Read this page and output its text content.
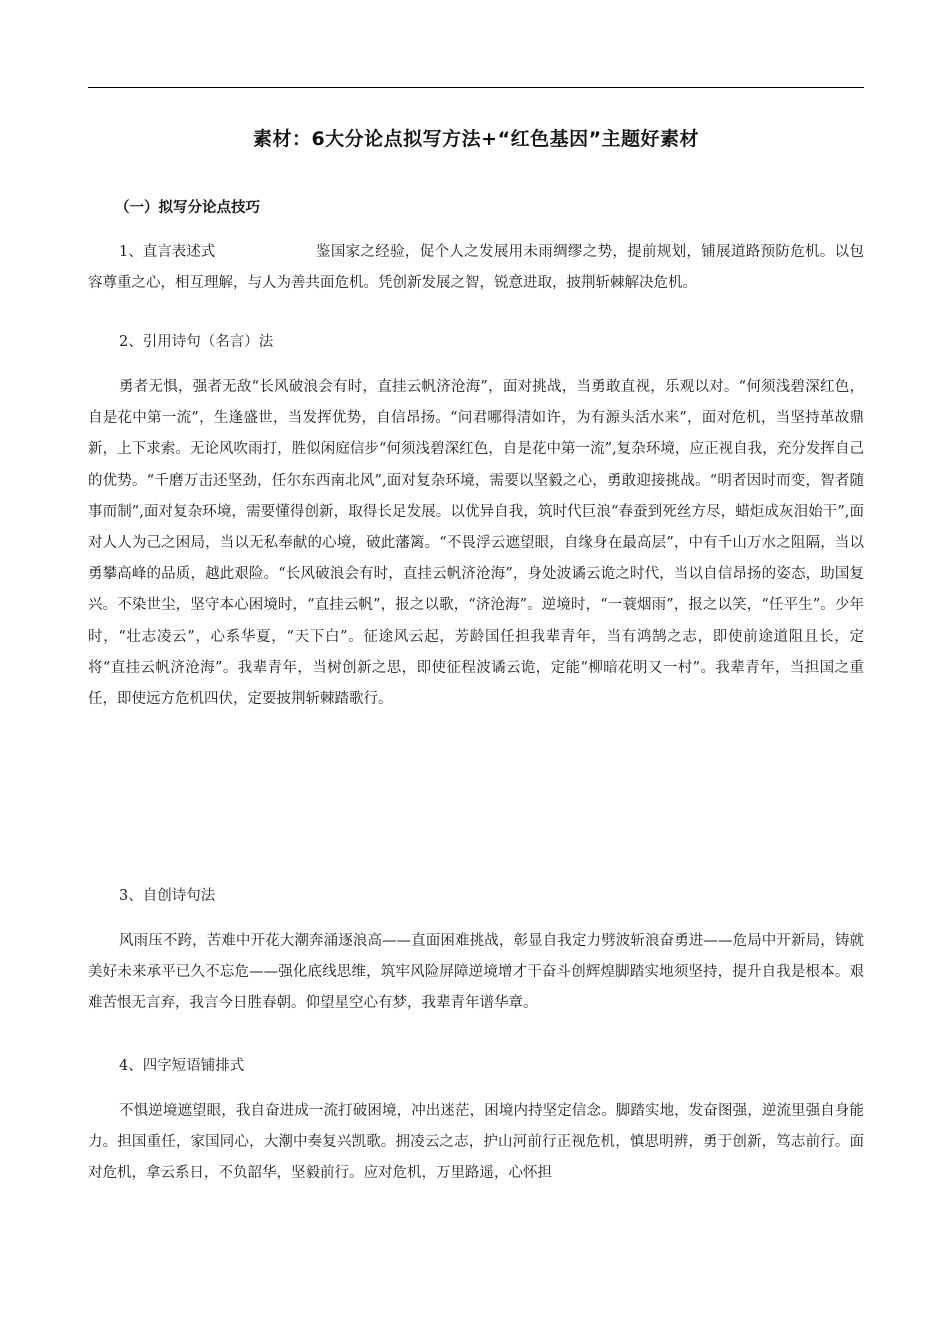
素材：6大分论点拟写方法+“红色基因”主题好素材
（一）拟写分论点技巧
1、直言表述式	鉴国家之经验，促个人之发展用未雨绸缪之势，提前规划，铺展道路预防危机。以包容尊重之心，相互理解，与人为善共面危机。凭创新发展之智，锐意进取，披荆斩棘解决危机。
2、引用诗句（名言）法
勇者无惧，强者无敌“长风破浪会有时，直挂云帆济沧海”，面对挑战，当勇敢直视，乐观以对。“何须浅碧深红色，自是花中第一流”，生逢盛世，当发挥优势，自信昂扬。“问君哪得清如许，为有源头活水来”，面对危机，当坚持革故鼎新，上下求索。无论风吹雨打，胜似闲庭信步“何须浅碧深红色，自是花中第一流”,复杂环境，应正视自我，充分发挥自己的优势。“千磨万击还坚劲，任尔东西南北风”,面对复杂环境，需要以坚毅之心，勇敢迎接挑战。“明者因时而变，智者随事而制”,面对复杂环境，需要懂得创新，取得长足发展。以优异自我，筑时代巨浪“春蚕到死丝方尽，蜡炬成灰泪始干”,面对人人为己之困局，当以无私奉献的心境，破此藩篱。“不畏浮云遮望眼，自缘身在最高层”，中有千山万水之阻隔，当以勇攀高峰的品质，越此艰险。“长风破浪会有时，直挂云帆济沧海”，身处波谲云诡之时代，当以自信昂扬的姿态，助国复兴。不染世尘，坚守本心困境时，“直挂云帆”，报之以歌，“济沧海”。逆境时，“一蓑烟雨”，报之以笑，“任平生”。少年时，“壮志凌云”，心系华夏，“天下白”。征途风云起，芳龄国任担我辈青年，当有鸿鹄之志，即使前途道阻且长，定将“直挂云帆济沧海”。我辈青年，当树创新之思，即使征程波谲云诡，定能“柳暗花明又一村”。我辈青年，当担国之重任，即使远方危机四伏，定要披荆斩棘踏歌行。
3、自创诗句法
风雨压不跨，苦难中开花大潮奔涌逐浪高——直面困难挑战，彰显自我定力劈波斩浪奋勇进——危局中开新局，铸就美好未来承平已久不忘危——强化底线思维，筑牢风险屏障逆境增才干奋斗创辉煌脚踏实地须坚持，提升自我是根本。艰难苦恨无言弃，我言今日胜春朝。仰望星空心有梦，我辈青年谱华章。
4、四字短语铺排式
不惧逆境遮望眼，我自奋进成一流打破困境，冲出迷茫，困境内持坚定信念。脚踏实地，发奋图强，逆流里强自身能力。担国重任，家国同心，大潮中奏复兴凯歌。拥凌云之志，护山河前行正视危机，慎思明辨，勇于创新，笃志前行。面对危机，拿云系日，不负韶华，坚毅前行。应对危机，万里路遥，心怀担
